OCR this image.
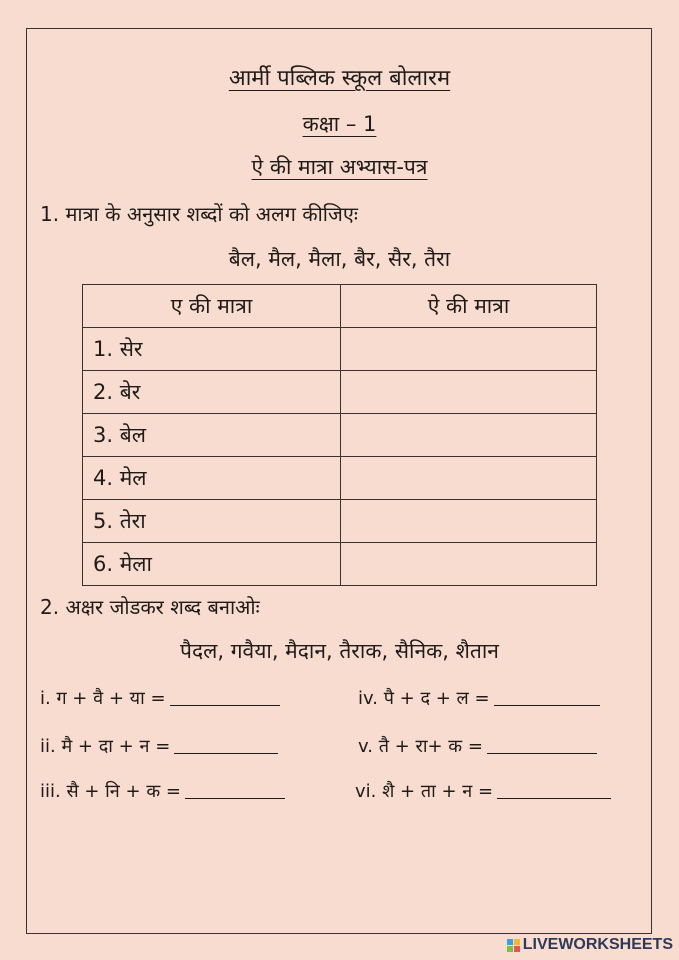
आर्मी पब्लिक स्कूल बोलारम
कक्षा – 1
ऐ की मात्रा अभ्यास-पत्र
1. मात्रा के अनुसार शब्दों को अलग कीजिएः
बैल, मैल, मैला, बैर, सैर, तैरा
ए की मात्रा	ऐ की मात्रा
1. सेर	
2. बेर	
3. बेल	
4. मेल	
5. तेरा	
6. मेला	
2. अक्षर जोडकर शब्द बनाओः
पैदल, गवैया, मैदान, तैराक, सैनिक, शैतान
i. ग + वै + या =	iv. पै + द + ल =
ii. मै + दा + न =	v. तै + रा+ क =
iii. सै + नि + क =	vi. शै + ता + न =
LIVEWORKSHEETS
